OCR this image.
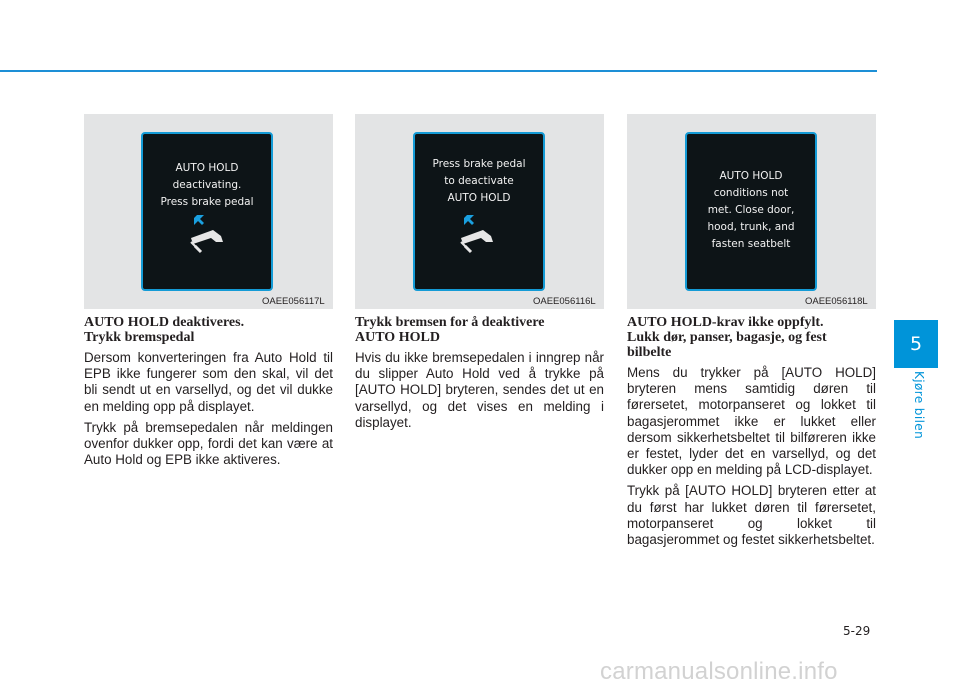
AUTO HOLD
deactivating.
Press brake pedal
OAEE056117L
Press brake pedal
to deactivate
AUTO HOLD
OAEE056116L
AUTO HOLD
conditions not
met. Close door,
hood, trunk, and
fasten seatbelt
OAEE056118L
AUTO HOLD deaktiveres.
Trykk bremspedal

Dersom konverteringen fra Auto Hold til EPB ikke fungerer som den skal, vil det bli sendt ut en varsellyd, og det vil dukke en melding opp på displayet.

Trykk på bremsepedalen når meldingen ovenfor dukker opp, fordi det kan være at Auto Hold og EPB ikke aktiveres.

Trykk bremsen for å deaktivere
AUTO HOLD

Hvis du ikke bremsepedalen i inngrep når du slipper Auto Hold ved å trykke på [AUTO HOLD] bryteren, sendes det ut en varsellyd, og det vises en melding i displayet.

AUTO HOLD-krav ikke oppfylt.
Lukk dør, panser, bagasje, og fest
bilbelte

Mens du trykker på [AUTO HOLD] bryteren mens samtidig døren til førersetet, motorpanseret og lokket til bagasjerommet ikke er lukket eller dersom sikkerhetsbeltet til bilføreren ikke er festet, lyder det en varsellyd, og det dukker opp en melding på LCD-displayet.

Trykk på [AUTO HOLD] bryteren etter at du først har lukket døren til førersetet, motorpanseret og lokket til bagasjerommet og festet sikkerhetsbeltet.

5
Kjøre bilen
5-29
carmanualsonline.info
